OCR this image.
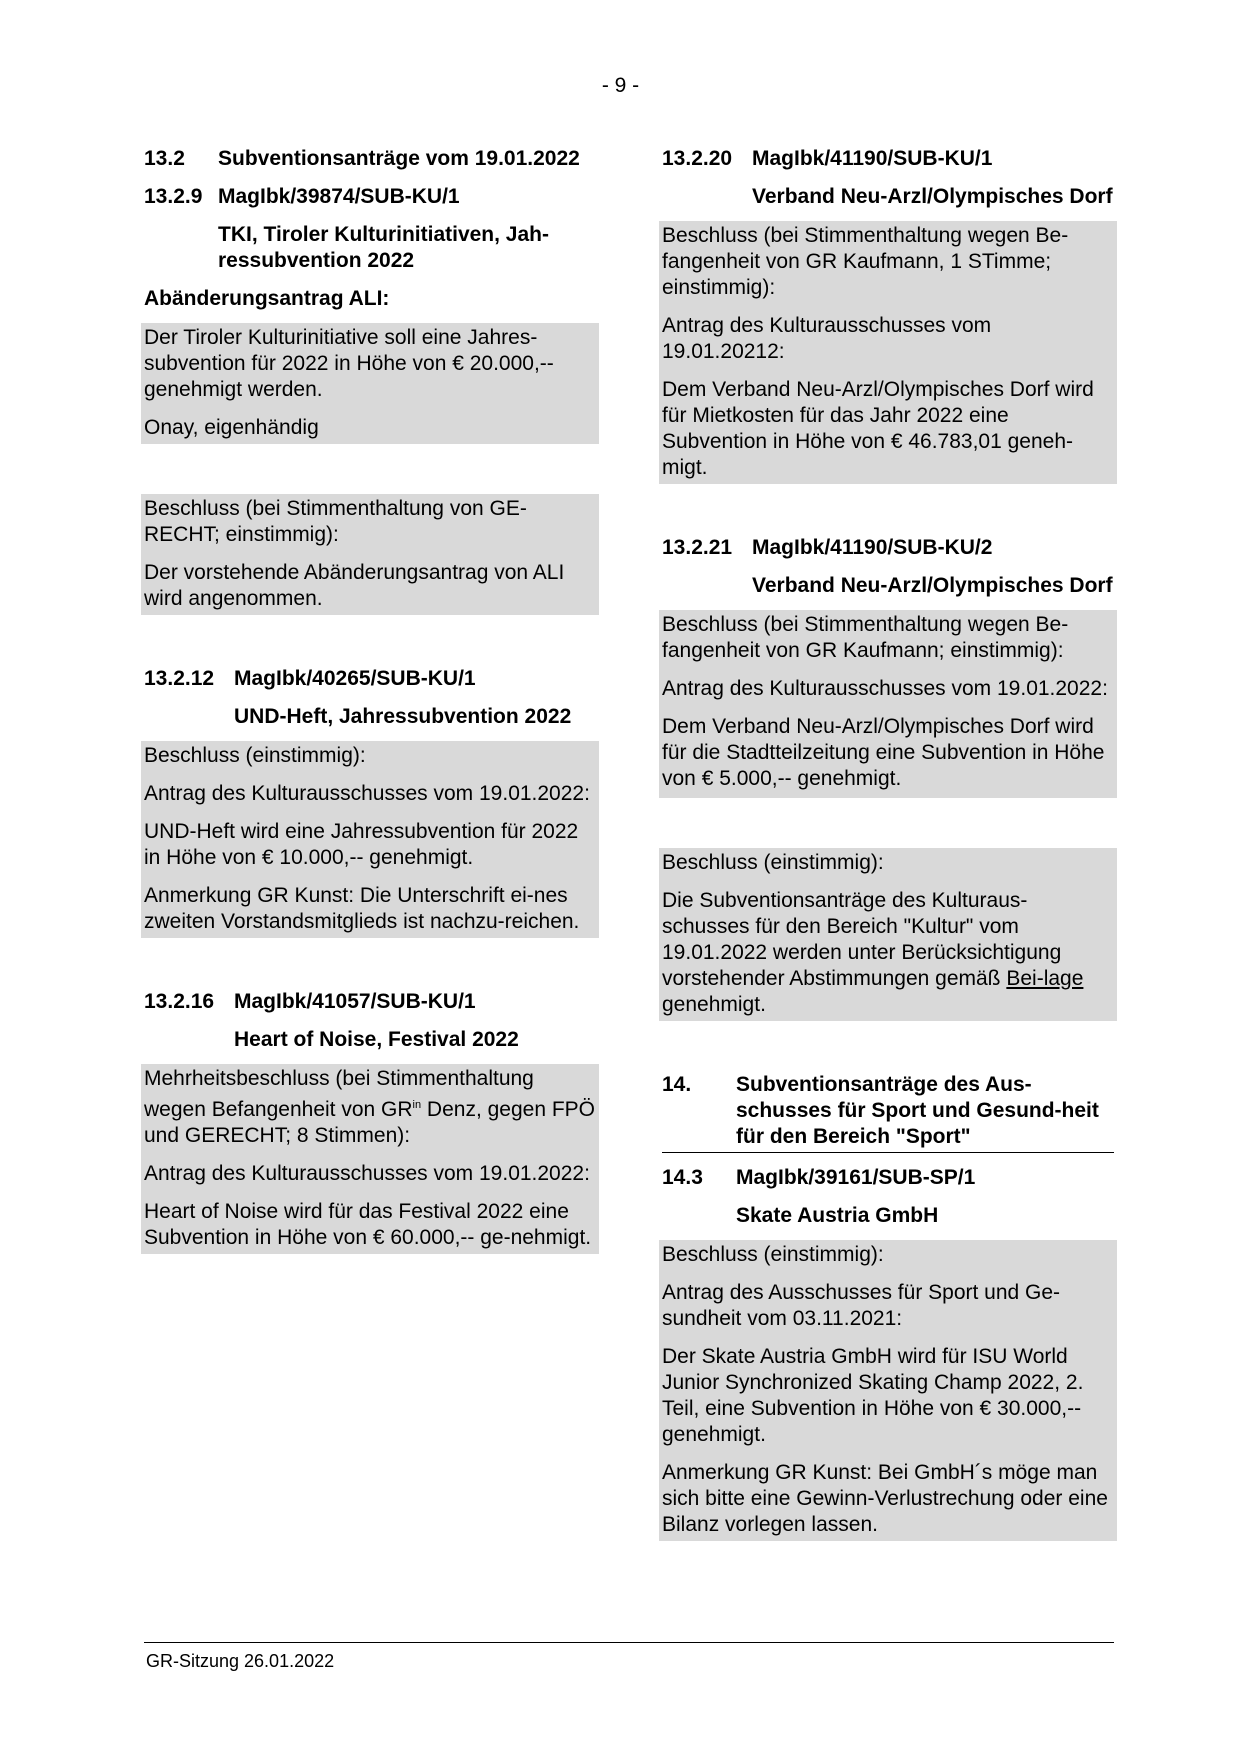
- 9 -
13.2	Subventionsanträge vom 19.01.2022
13.2.9 MagIbk/39874/SUB-KU/1
TKI, Tiroler Kulturinitiativen, Jah-ressubvention 2022
Abänderungsantrag ALI:

Der Tiroler Kulturinitiative soll eine Jahres-subvention für 2022 in Höhe von € 20.000,-- genehmigt werden.

Onay, eigenhändig

Beschluss (bei Stimmenthaltung von GE-RECHT; einstimmig):

Der vorstehende Abänderungsantrag von ALI wird angenommen.

13.2.12 MagIbk/40265/SUB-KU/1
UND-Heft, Jahressubvention 2022

Beschluss (einstimmig):

Antrag des Kulturausschusses vom 19.01.2022:

UND-Heft wird eine Jahressubvention für 2022 in Höhe von € 10.000,-- genehmigt.

Anmerkung GR Kunst: Die Unterschrift ei-nes zweiten Vorstandsmitglieds ist nachzu-reichen.

13.2.16 MagIbk/41057/SUB-KU/1
Heart of Noise, Festival 2022

Mehrheitsbeschluss (bei Stimmenthaltung wegen Befangenheit von $GR^{in}$ Denz, gegen FPÖ und GERECHT; 8 Stimmen):

Antrag des Kulturausschusses vom 19.01.2022:

Heart of Noise wird für das Festival 2022 eine Subvention in Höhe von € 60.000,-- ge-nehmigt.

13.2.20 MagIbk/41190/SUB-KU/1
Verband Neu-Arzl/Olympisches Dorf

Beschluss (bei Stimmenthaltung wegen Be-fangenheit von GR Kaufmann, 1 STimme; einstimmig):

Antrag des Kulturausschusses vom 19.01.20212:

Dem Verband Neu-Arzl/Olympisches Dorf wird für Mietkosten für das Jahr 2022 eine Subvention in Höhe von € 46.783,01 geneh-migt.

13.2.21 MagIbk/41190/SUB-KU/2
Verband Neu-Arzl/Olympisches Dorf

Beschluss (bei Stimmenthaltung wegen Be-fangenheit von GR Kaufmann; einstimmig):

Antrag des Kulturausschusses vom 19.01.2022:

Dem Verband Neu-Arzl/Olympisches Dorf wird für die Stadtteilzeitung eine Subvention in Höhe von € 5.000,-- genehmigt.

Beschluss (einstimmig):

Die Subventionsanträge des Kulturaus-schusses für den Bereich "Kultur" vom 19.01.2022 werden unter Berücksichtigung vorstehender Abstimmungen gemäß Bei-lage genehmigt.

14.	Subventionsanträge des Aus-schusses für Sport und Gesund-heit für den Bereich "Sport"
14.3	MagIbk/39161/SUB-SP/1
Skate Austria GmbH

Beschluss (einstimmig):

Antrag des Ausschusses für Sport und Ge-sundheit vom 03.11.2021:

Der Skate Austria GmbH wird für ISU World Junior Synchronized Skating Champ 2022, 2. Teil, eine Subvention in Höhe von € 30.000,-- genehmigt.

Anmerkung GR Kunst: Bei GmbH´s möge man sich bitte eine Gewinn-Verlustrechung oder eine Bilanz vorlegen lassen.

GR-Sitzung 26.01.2022
